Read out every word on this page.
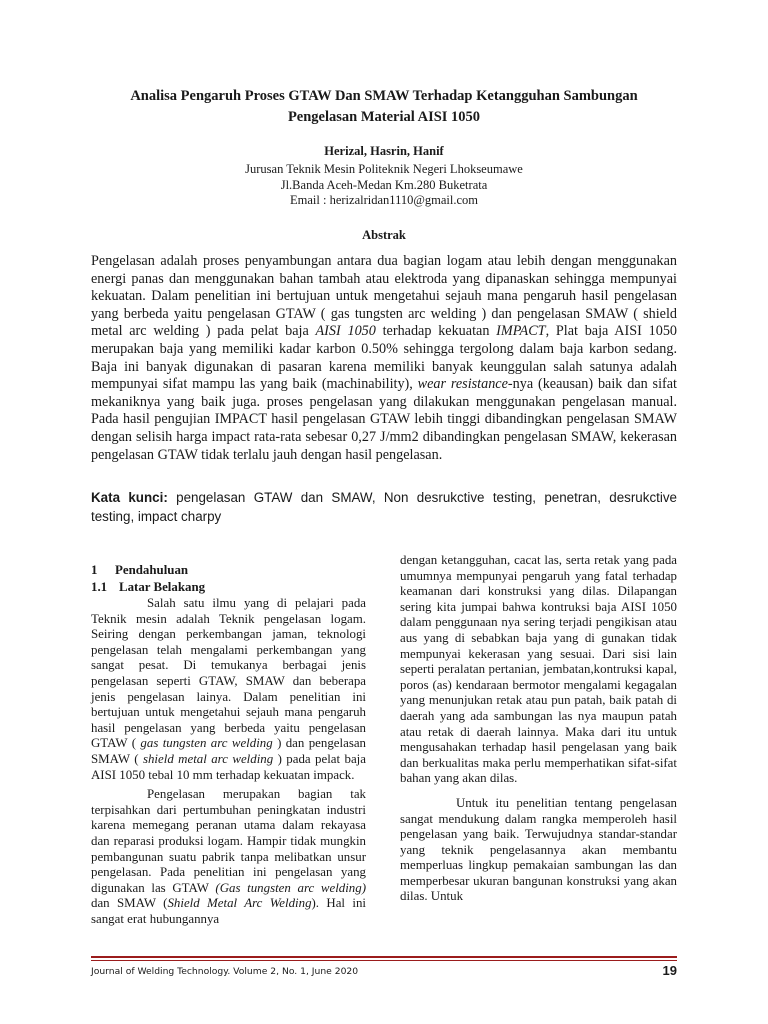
Analisa Pengaruh Proses GTAW Dan SMAW Terhadap Ketangguhan Sambungan
Pengelasan Material AISI 1050
Herizal, Hasrin, Hanif
Jurusan Teknik Mesin Politeknik Negeri Lhokseumawe
Jl.Banda Aceh-Medan Km.280 Buketrata
Email : herizalridan1110@gmail.com
Abstrak

Pengelasan adalah proses penyambungan antara dua bagian logam atau lebih dengan menggunakan energi panas dan menggunakan bahan tambah atau elektroda yang dipanaskan sehingga mempunyai kekuatan. Dalam penelitian ini bertujuan untuk mengetahui sejauh mana pengaruh hasil pengelasan yang berbeda yaitu pengelasan GTAW ( gas tungsten arc welding ) dan pengelasan SMAW ( shield metal arc welding ) pada pelat baja AISI 1050 terhadap kekuatan IMPACT, Plat baja AISI 1050 merupakan baja yang memiliki kadar karbon 0.50% sehingga tergolong dalam baja karbon sedang. Baja ini banyak digunakan di pasaran karena memiliki banyak keunggulan salah satunya adalah mempunyai sifat mampu las yang baik (machinability), wear resistance-nya (keausan) baik dan sifat mekaniknya yang baik juga. proses pengelasan yang dilakukan menggunakan pengelasan manual. Pada hasil pengujian IMPACT hasil pengelasan GTAW lebih tinggi dibandingkan pengelasan SMAW dengan selisih harga impact rata-rata sebesar 0,27 J/mm2 dibandingkan pengelasan SMAW, kekerasan pengelasan GTAW tidak terlalu jauh dengan hasil pengelasan.

Kata kunci: pengelasan GTAW dan SMAW, Non desrukctive testing, penetran, desrukctive testing, impact charpy
1 Pendahuluan
1.1 Latar Belakang

Salah satu ilmu yang di pelajari pada Teknik mesin adalah Teknik pengelasan logam. Seiring dengan perkembangan jaman, teknologi pengelasan telah mengalami perkembangan yang sangat pesat. Di temukanya berbagai jenis pengelasan seperti GTAW, SMAW dan beberapa jenis pengelasan lainya. Dalam penelitian ini bertujuan untuk mengetahui sejauh mana pengaruh hasil pengelasan yang berbeda yaitu pengelasan GTAW ( gas tungsten arc welding ) dan pengelasan SMAW ( shield metal arc welding ) pada pelat baja AISI 1050 tebal 10 mm terhadap kekuatan impack.

Pengelasan merupakan bagian tak terpisahkan dari pertumbuhan peningkatan industri karena memegang peranan utama dalam rekayasa dan reparasi produksi logam. Hampir tidak mungkin pembangunan suatu pabrik tanpa melibatkan unsur pengelasan. Pada penelitian ini pengelasan yang digunakan las GTAW (Gas tungsten arc welding) dan SMAW (Shield Metal Arc Welding). Hal ini sangat erat hubungannya

dengan ketangguhan, cacat las, serta retak yang pada umumnya mempunyai pengaruh yang fatal terhadap keamanan dari konstruksi yang dilas. Dilapangan sering kita jumpai bahwa kontruksi baja AISI 1050 dalam penggunaan nya sering terjadi pengikisan atau aus yang di sebabkan baja yang di gunakan tidak mempunyai kekerasan yang sesuai. Dari sisi lain seperti peralatan pertanian, jembatan,kontruksi kapal, poros (as) kendaraan bermotor mengalami kegagalan yang menunjukan retak atau pun patah, baik patah di daerah yang ada sambungan las nya maupun patah atau retak di daerah lainnya. Maka dari itu untuk mengusahakan terhadap hasil pengelasan yang baik dan berkualitas maka perlu memperhatikan sifat-sifat bahan yang akan dilas.

Untuk itu penelitian tentang pengelasan sangat mendukung dalam rangka memperoleh hasil pengelasan yang baik. Terwujudnya standar-standar yang teknik pengelasannya akan membantu memperluas lingkup pemakaian sambungan las dan memperbesar ukuran bangunan konstruksi yang akan dilas. Untuk

Journal of Welding Technology. Volume 2, No. 1, June 2020	19
